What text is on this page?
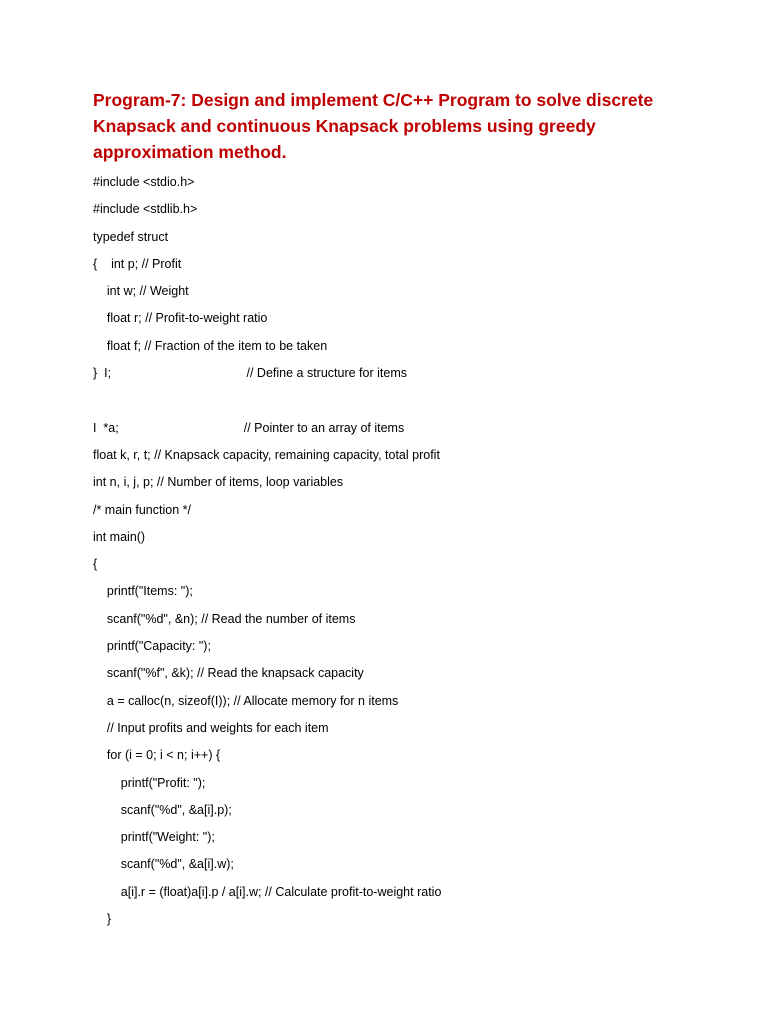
Program-7: Design and implement C/C++ Program to solve discrete
Knapsack and continuous Knapsack problems using greedy
approximation method.
#include <stdio.h>
#include <stdlib.h>
typedef struct
{    int p; // Profit
int w; // Weight
float r; // Profit-to-weight ratio
float f; // Fraction of the item to be taken
}  I;                                       // Define a structure for items
I  *a;                                    // Pointer to an array of items
float k, r, t; // Knapsack capacity, remaining capacity, total profit
int n, i, j, p; // Number of items, loop variables
/* main function */
int main()
{
printf("Items: ");
scanf("%d", &n); // Read the number of items
printf("Capacity: ");
scanf("%f", &k); // Read the knapsack capacity
a = calloc(n, sizeof(I)); // Allocate memory for n items
// Input profits and weights for each item
for (i = 0; i < n; i++) {
printf("Profit: ");
scanf("%d", &a[i].p);
printf("Weight: ");
scanf("%d", &a[i].w);
a[i].r = (float)a[i].p / a[i].w; // Calculate profit-to-weight ratio
}
